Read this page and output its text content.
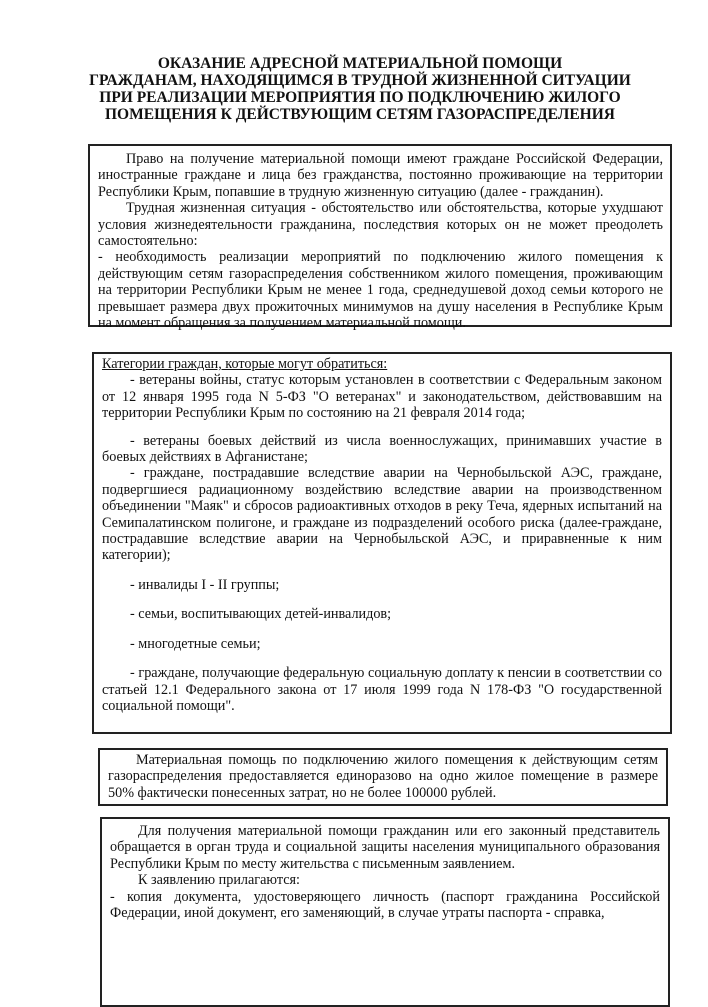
ОКАЗАНИЕ АДРЕСНОЙ МАТЕРИАЛЬНОЙ ПОМОЩИ
ГРАЖДАНАМ, НАХОДЯЩИМСЯ В ТРУДНОЙ ЖИЗНЕННОЙ СИТУАЦИИ
ПРИ РЕАЛИЗАЦИИ МЕРОПРИЯТИЯ ПО ПОДКЛЮЧЕНИЮ ЖИЛОГО
ПОМЕЩЕНИЯ К ДЕЙСТВУЮЩИМ СЕТЯМ ГАЗОРАСПРЕДЕЛЕНИЯ

Право на получение материальной помощи имеют граждане Российской Федерации, иностранные граждане и лица без гражданства, постоянно проживающие на территории Республики Крым, попавшие в трудную жизненную ситуацию (далее - гражданин).

Трудная жизненная ситуация - обстоятельство или обстоятельства, которые ухудшают условия жизнедеятельности гражданина, последствия которых он не может преодолеть самостоятельно:

- необходимость реализации мероприятий по подключению жилого помещения к действующим сетям газораспределения собственником жилого помещения, проживающим на территории Республики Крым не менее 1 года, среднедушевой доход семьи которого не превышает размера двух прожиточных минимумов на душу населения в Республике Крым на момент обращения за получением материальной помощи.

Категории граждан, которые могут обратиться:

- ветераны войны, статус которым установлен в соответствии с Федеральным законом от 12 января 1995 года N 5-ФЗ "О ветеранах" и законодательством, действовавшим на территории Республики Крым по состоянию на 21 февраля 2014 года;

- ветераны боевых действий из числа военнослужащих, принимавших участие в боевых действиях в Афганистане;

- граждане, пострадавшие вследствие аварии на Чернобыльской АЭС, граждане, подвергшиеся радиационному воздействию вследствие аварии на производственном объединении "Маяк" и сбросов радиоактивных отходов в реку Теча, ядерных испытаний на Семипалатинском полигоне, и граждане из подразделений особого риска (далее-граждане, пострадавшие вследствие аварии на Чернобыльской АЭС, и приравненные к ним категории);

- инвалиды I - II группы;

- семьи, воспитывающих детей-инвалидов;

- многодетные семьи;

- граждане, получающие федеральную социальную доплату к пенсии в соответствии со статьей 12.1 Федерального закона от 17 июля 1999 года N 178-ФЗ "О государственной социальной помощи".

Материальная помощь по подключению жилого помещения к действующим сетям газораспределения предоставляется единоразово на одно жилое помещение в размере 50% фактически понесенных затрат, но не более 100000 рублей.

Для получения материальной помощи гражданин или его законный представитель обращается в орган труда и социальной защиты населения муниципального образования Республики Крым по месту жительства с письменным заявлением.

К заявлению прилагаются:

- копия документа, удостоверяющего личность (паспорт гражданина Российской Федерации, иной документ, его заменяющий, в случае утраты паспорта - справка,
